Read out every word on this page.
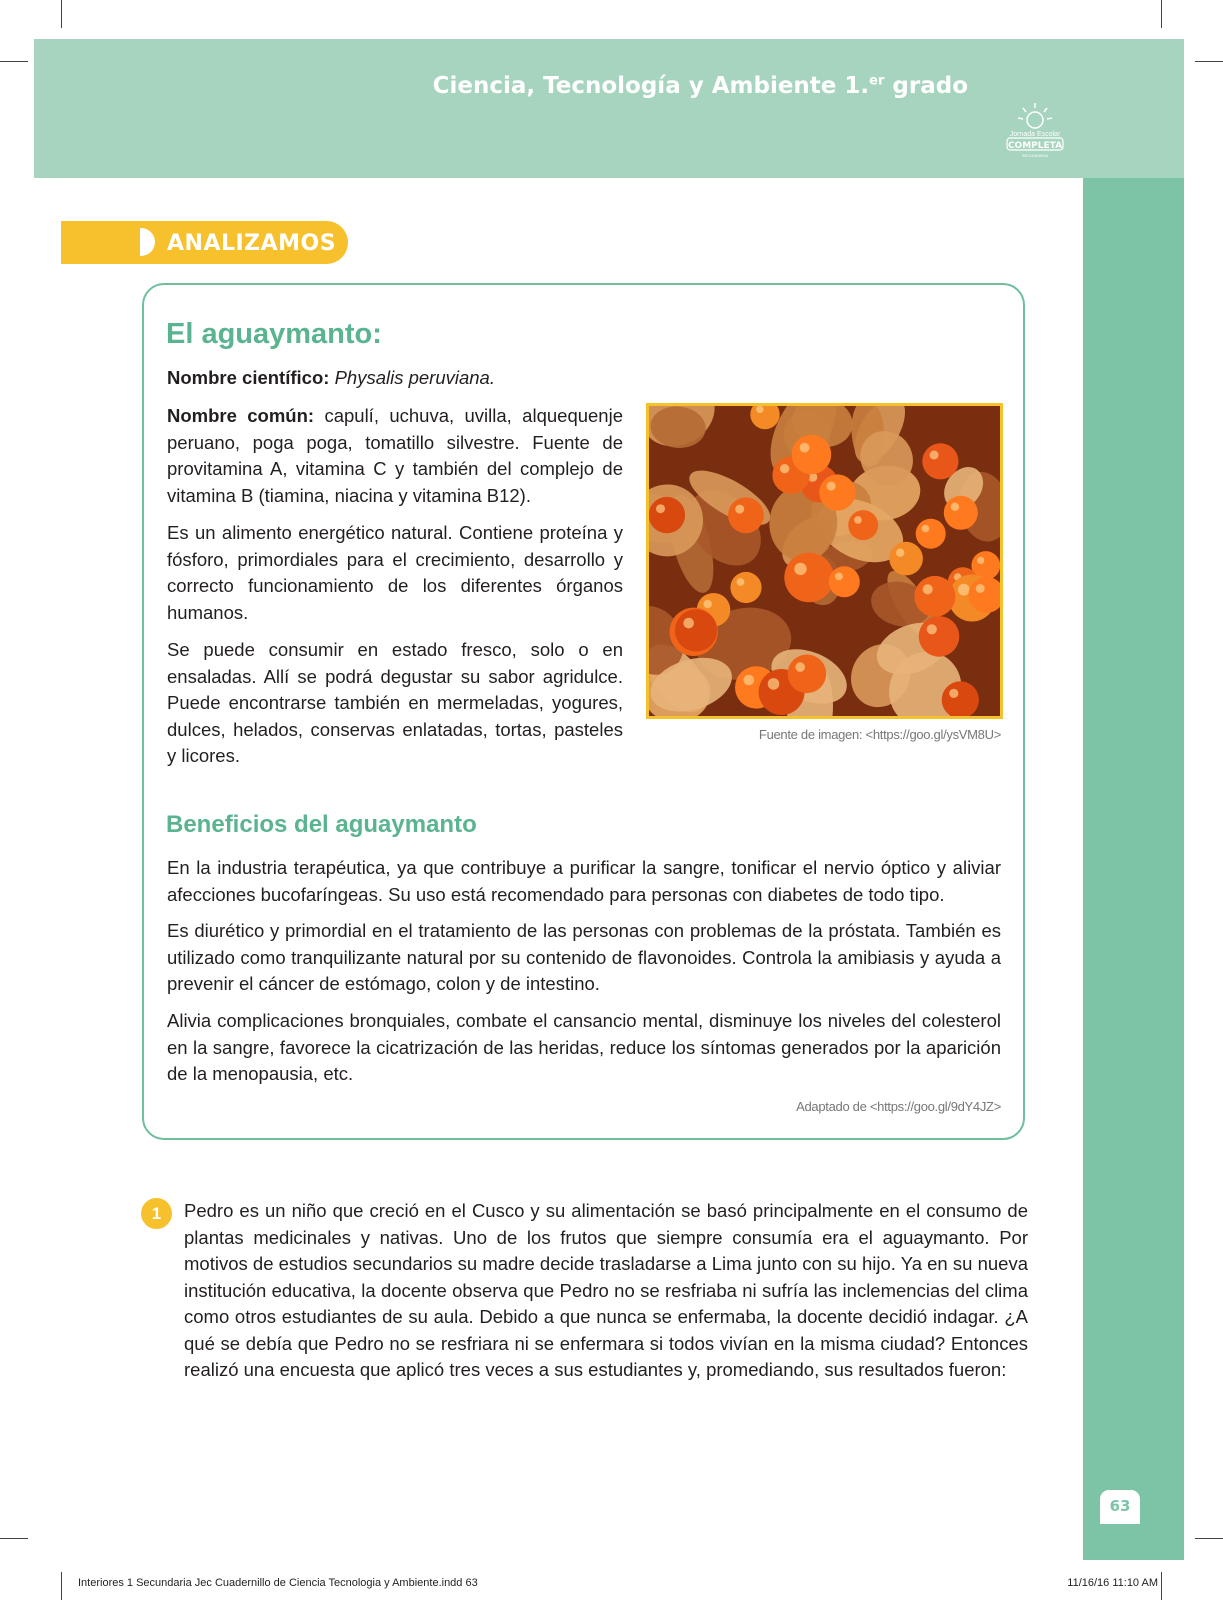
Ciencia, Tecnología y Ambiente 1.$^{er}$ grado
Jornada Escolar
COMPLETA
SECUNDARIA
63
ANALIZAMOS
El aguaymanto:

Nombre científico: Physalis peruviana.

Nombre común: capulí, uchuva, uvilla, alquequenje peruano, poga poga, tomatillo silvestre. Fuente de provitamina A, vitamina C y también del complejo de vitamina B (tiamina, niacina y vitamina B12).

Es un alimento energético natural. Contiene proteína y fósforo, primordiales para el crecimiento, desarrollo y correcto funcionamiento de los diferentes órganos humanos.

Se puede consumir en estado fresco, solo o en ensaladas. Allí se podrá degustar su sabor agridulce. Puede encontrarse también en mermeladas, yogures, dulces, helados, conservas enlatadas, tortas, pasteles y licores.

Fuente de imagen: <https://goo.gl/ysVM8U>
Beneficios del aguaymanto

En la industria terapéutica, ya que contribuye a purificar la sangre, tonificar el nervio óptico y aliviar afecciones bucofaríngeas. Su uso está recomendado para personas con diabetes de todo tipo.

Es diurético y primordial en el tratamiento de las personas con problemas de la próstata. También es utilizado como tranquilizante natural por su contenido de flavonoides. Controla la amibiasis y ayuda a prevenir el cáncer de estómago, colon y de intestino.

Alivia complicaciones bronquiales, combate el cansancio mental, disminuye los niveles del colesterol en la sangre, favorece la cicatrización de las heridas, reduce los síntomas generados por la aparición de la menopausia, etc.

Adaptado de <https://goo.gl/9dY4JZ>
1	Pedro es un niño que creció en el Cusco y su alimentación se basó principalmente en el consumo de plantas medicinales y nativas. Uno de los frutos que siempre consumía era el aguaymanto. Por motivos de estudios secundarios su madre decide trasladarse a Lima junto con su hijo. Ya en su nueva institución educativa, la docente observa que Pedro no se resfriaba ni sufría las inclemencias del clima como otros estudiantes de su aula. Debido a que nunca se enfermaba, la docente decidió indagar. ¿A qué se debía que Pedro no se resfriara ni se enfermara si todos vivían en la misma ciudad? Entonces realizó una encuesta que aplicó tres veces a sus estudiantes y, promediando, sus resultados fueron:

Interiores 1 Secundaria Jec Cuadernillo de Ciencia Tecnologia y Ambiente.indd 63	11/16/16 11:10 AM
